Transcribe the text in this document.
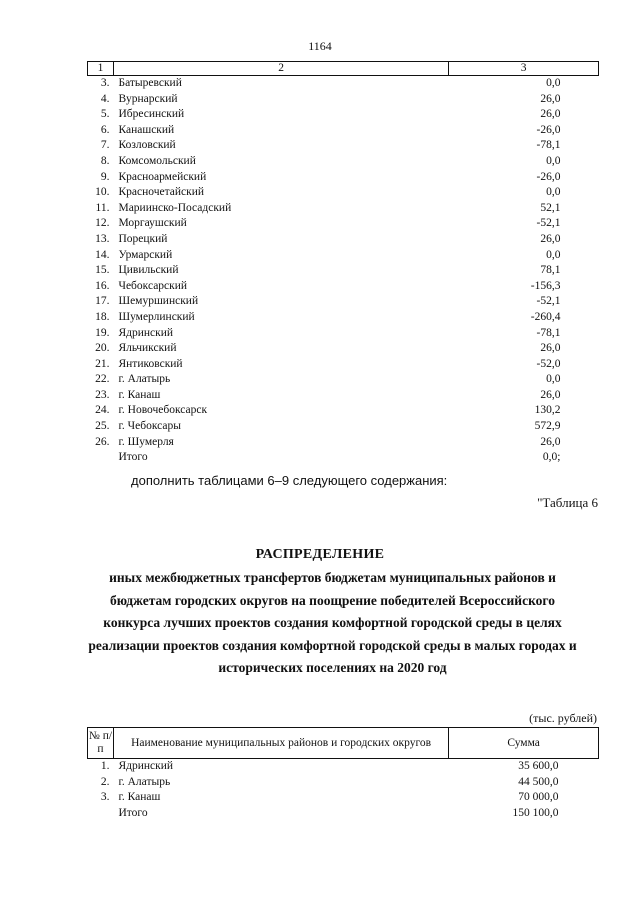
1164
1	2	3
3.	Батыревский	0,0
4.	Вурнарский	26,0
5.	Ибресинский	26,0
6.	Канашский	-26,0
7.	Козловский	-78,1
8.	Комсомольский	0,0
9.	Красноармейский	-26,0
10.	Красночетайский	0,0
11.	Мариинско-Посадский	52,1
12.	Моргаушский	-52,1
13.	Порецкий	26,0
14.	Урмарский	0,0
15.	Цивильский	78,1
16.	Чебоксарский	-156,3
17.	Шемуршинский	-52,1
18.	Шумерлинский	-260,4
19.	Ядринский	-78,1
20.	Яльчикский	26,0
21.	Янтиковский	-52,0
22.	г. Алатырь	0,0
23.	г. Канаш	26,0
24.	г. Новочебоксарск	130,2
25.	г. Чебоксары	572,9
26.	г. Шумерля	26,0
	Итого	0,0;
дополнить таблицами 6–9 следующего содержания:
"Таблица 6
РАСПРЕДЕЛЕНИЕ
иных межбюджетных трансфертов бюджетам муниципальных районов и бюджетам городских округов на поощрение победителей Всероссийского конкурса лучших проектов создания комфортной городской среды в целях реализации проектов создания комфортной городской среды в малых городах и исторических поселениях на 2020 год
(тыс. рублей)
№ п/п	Наименование муниципальных районов и городских округов	Сумма
1.	Ядринский	35 600,0
2.	г. Алатырь	44 500,0
3.	г. Канаш	70 000,0
	Итого	150 100,0
